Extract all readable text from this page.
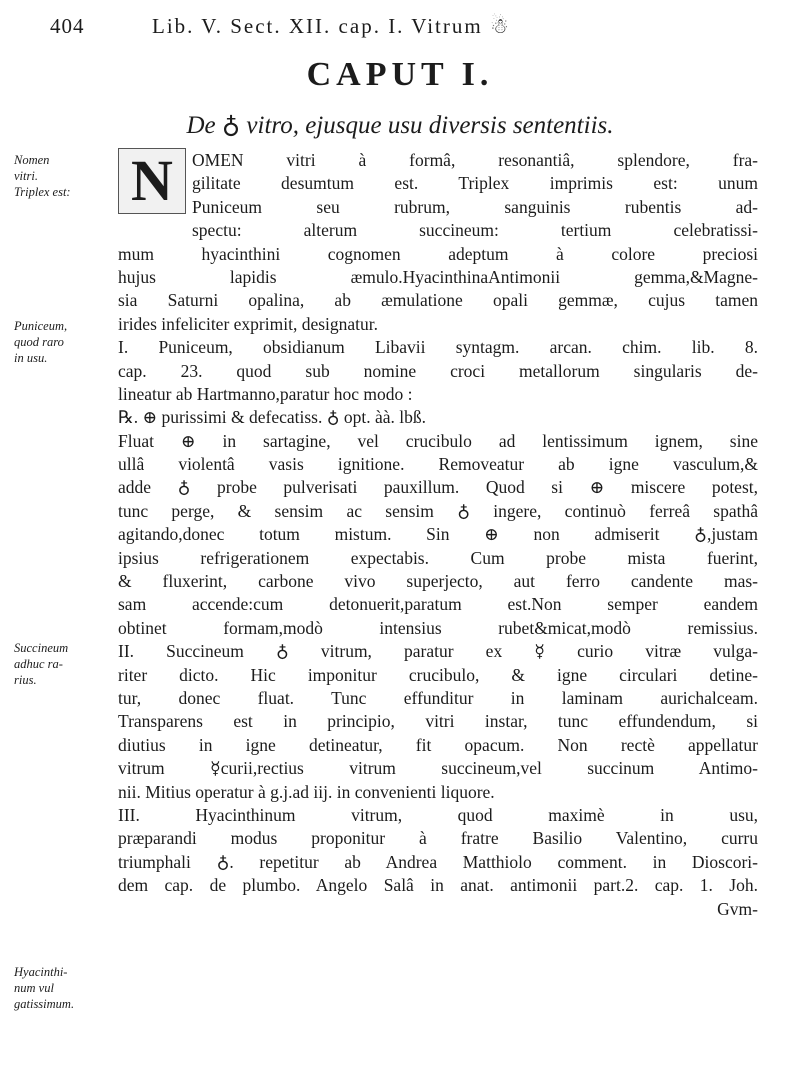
404	Lib. V. Sect. XII. cap. I. Vitrum ☃
CAPUT I.
De ♁ vitro, ejusque usu diversis sententiis.
N
Nomen
vitri.
Triplex est:
Puniceum,
quod raro
in usu.
Succineum
adhuc ra-
rius.
Hyacinthi-
num vul
gatissimum.
OMEN vitri à formâ, resonantiâ, splendore, fra-
gilitate desumtum est. Triplex imprimis est: unum
Puniceum seu rubrum, sanguinis rubentis ad-
spectu: alterum succineum: tertium celebratissi-
mum hyacinthini cognomen adeptum à colore preciosi
hujus lapidis æmulo.HyacinthinaAntimonii gemma,&Magne-
sia Saturni opalina, ab æmulatione opali gemmæ, cujus tamen
irides infeliciter exprimit, designatur.
I. Puniceum, obsidianum Libavii syntagm. arcan. chim. lib. 8.
cap. 23. quod sub nomine croci metallorum singularis de-
lineatur ab Hartmanno,paratur hoc modo :
℞. ⊕ purissimi & defecatiss. ♁ opt. àà. lbß.
Fluat ⊕ in sartagine, vel crucibulo ad lentissimum ignem, sine
ullâ violentâ vasis ignitione. Removeatur ab igne vasculum,&
adde ♁ probe pulverisati pauxillum. Quod si ⊕ miscere potest,
tunc perge, & sensim ac sensim ♁ ingere, continuò ferreâ spathâ
agitando,donec totum mistum. Sin ⊕ non admiserit ♁,justam
ipsius refrigerationem expectabis. Cum probe mista fuerint,
& fluxerint, carbone vivo superjecto, aut ferro candente mas-
sam accende:cum detonuerit,paratum est.Non semper eandem
obtinet formam,modò intensius rubet&micat,modò remissius.
II. Succineum ♁ vitrum, paratur ex ☿ curio vitræ vulga-
riter dicto. Hic imponitur crucibulo, & igne circulari detine-
tur, donec fluat. Tunc effunditur in laminam aurichalceam.
Transparens est in principio, vitri instar, tunc effundendum, si
diutius in igne detineatur, fit opacum. Non rectè appellatur
vitrum ☿curii,rectius vitrum succineum,vel succinum Antimo-
nii. Mitius operatur à g.j.ad iij. in convenienti liquore.
III. Hyacinthinum vitrum, quod maximè in usu,
præparandi modus proponitur à fratre Basilio Valentino, curru
triumphali ♁. repetitur ab Andrea Matthiolo comment. in Dioscori-
dem cap. de plumbo. Angelo Salâ in anat. antimonii part.2. cap. 1. Joh.
Gvm-
